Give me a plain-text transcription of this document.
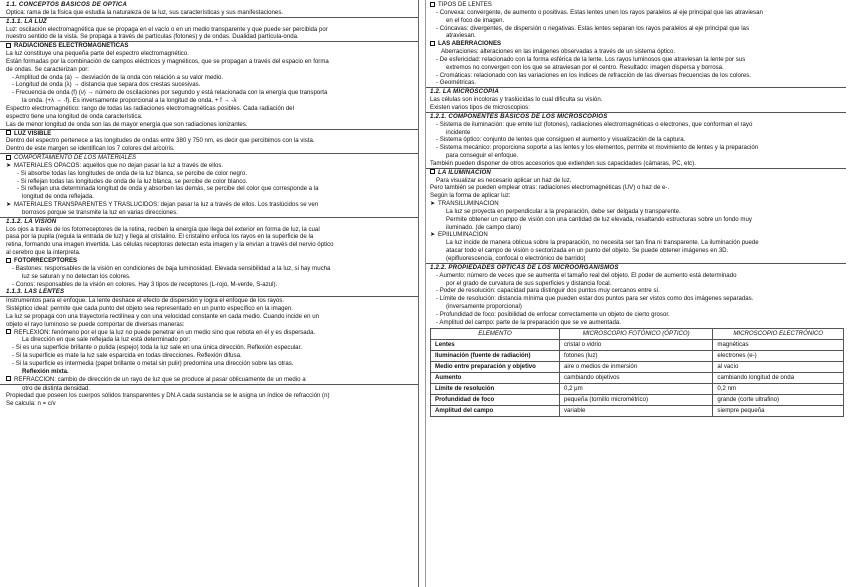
1.1. CONCEPTOS BÁSICOS DE ÓPTICA
Óptica: rama de la física que estudia la naturaleza de la luz, sus características y sus manifestaciones.
1.1.1. LA LUZ
Luz: oscilación electromagnética que se propaga en el vacío o en un medio transparente y que puede ser percibida por
nuestro sentido de la vista. Se propaga a través de partículas (fotones) y de ondas. Dualidad partícula-onda.
RADIACIONES ELECTROMAGNÉTICAS
La luz constituye una pequeña parte del espectro electromagnético.
Están formadas por la combinación de campos eléctricos y magnéticos, que se propagan a través del espacio en forma
de ondas. Se caracterizan por:
- Amplitud de onda (a) → desviación de la onda con relación a su valor medio.
- Longitud de onda (λ) → distancia que separa dos crestas sucesivas.
- Frecuencia de onda (f) (ν) → número de oscilaciones por segundo y está relacionada con la energía que transporta
la onda. (+λ → -f). Es inversamente proporcional a la longitud de onda. + f → -λ
Espectro electromagnético: rango de todas las radiaciones electromagnéticas posibles. Cada radiación del
espectro tiene una longitud de onda característica.
Las de menor longitud de onda son las de mayor energía que son radiaciones ionizantes.
LUZ VISIBLE
Dentro del espectro pertenece a las longitudes de ondas entre 380 y 750 nm, es decir que percibimos con la vista.
Dentro de este margen se identifican los 7 colores del arcoíris.
COMPORTAMIENTO DE LOS MATERIALES
➤ MATERIALES OPACOS: aquellos que no dejan pasar la luz a través de ellos.
- Si absorbe todas las longitudes de onda de la luz blanca, se percibe de color negro.
- Si reflejan todas las longitudes de onda de la luz blanca, se percibe de color blanco.
- Si reflejan una determinada longitud de onda y absorben las demás, se percibe del color que corresponde a la
longitud de onda reflejada.
➤ MATERIALES TRANSPARENTES Y TRASLÚCIDOS: dejan pasar la luz a través de ellos. Los traslúcidos se ven
borrosos porque se transmite la luz en varias direcciones.
1.1.2. LA VISIÓN
Los ojos a través de los fotorreceptores de la retina, reciben la energía que llega del exterior en forma de luz, la cual
pasa por la pupila (regula la entrada de luz) y llega al cristalino. El cristalino enfoca los rayos en la superficie de la
retina, formando una imagen invertida. Las células receptoras detectan esta imagen y la envían a través del nervio óptico
al cerebro que la interpreta.
FOTORRECEPTORES
- Bastones: responsables de la visión en condiciones de baja luminosidad. Elevada sensibilidad a la luz, si hay mucha
luz se saturan y no detectan los colores.
- Conos: responsables de la visión en colores. Hay 3 tipos de receptores (L-rojo, M-verde, S-azul).
1.1.3. LAS LENTES
Instrumentos para el enfoque. La lente deshace el efecto de dispersión y logra el enfoque de los rayos.
Sistéptico ideal: permite que cada punto del objeto sea representado en un punto específico en la imagen.
La luz se propaga con una trayectoria rectilínea y con una velocidad constante en cada medio. Cuando incide en un
objeto el rayo luminoso se puede comportar de diversas maneras:
REFLEXIÓN: fenómeno por el que la luz no puede penetrar en un medio sino que rebota en él y es dispersada.
La dirección en que sale reflejada la luz está determinado por:
- Si es una superficie brillante o pulida (espejo) toda la luz sale en una única dirección. Reflexión especular.
- Si la superficie es mate la luz sale esparcida en todas direcciones. Reflexión difusa.
- Si la superficie es intermedia (papel brillante o metal sin pulir) predomina una dirección sobre las otras.
Reflexión mixta.
REFRACCIÓN: cambio de dirección de un rayo de luz que se produce al pasar oblicuamente de un medio a
otro de distinta densidad.
Propiedad que poseen los cuerpos sólidos transparentes y DN.A cada sustancia se le asigna un índice de refracción (n)
Se calcula: n = c/v
TIPOS DE LENTES
- Convexa: convergente, de aumento o positivas. Estas lentes unen los rayos paralelos al eje principal que las atraviesan
en el foco de imagen.
- Cóncavas: divergentes, de dispersión o negativas. Estas lentes separan los rayos paralelos al eje principal que las
atraviesan.
LAS ABERRACIONES
Aberraciones: alteraciones en las imágenes observadas a través de un sistema óptico.
- De esfericidad: relacionado con la forma esférica de la lente. Los rayos luminosos que atraviesan la lente por sus
extremos no convergen con los que se atraviesan por el centro. Resultado: imagen dispersa y borrosa.
- Cromáticas: relacionado con las variaciones en los índices de refracción de las diversas frecuencias de los colores.
- Geométricas.
1.2. LA MICROSCOPÍA
Las células son incoloras y traslúcidas lo cual dificulta su visión.
Existen varios tipos de microscopios:
1.2.1. COMPONENTES BÁSICOS DE LOS MICROSCOPIOS
- Sistema de iluminación: que emite luz (fotones), radiaciones electromagnéticas o electrones, que conforman el rayo
incidente
- Sistema óptico: conjunto de lentes que consiguen el aumento y visualización de la captura.
- Sistema mecánico: proporciona soporte a las lentes y los elementos, permite el movimiento de lentes y la preparación
para conseguir el enfoque.
También pueden disponer de otros accesorios que extienden sus capacidades (cámaras, PC, etc).
LA ILUMINACIÓN
Para visualizar es necesario aplicar un haz de luz.
Pero también se pueden emplear otras: radiaciones electromagnéticas (UV) o haz de e-.
Según la forma de aplicar luz:
➤ TRANSILUMINACIÓN
La luz se proyecta en perpendicular a la preparación, debe ser delgada y transparente.
Permite obtener un campo de visión con una cantidad de luz elevada, resaltando estructuras sobre un fondo muy
iluminado. (de campo claro)
➤ EPIILUMINACIÓN
La luz incide de manera oblicua sobre la preparación, no necesita ser tan fina ni transparente. La iluminación puede
atacar todo el campo de visión o sectorizada en un punto del objeto. Se puede obtener imágenes en 3D.
(epifluorescencia, confocal o electrónico de barrido)
1.2.2. PROPIEDADES ÓPTICAS DE LOS MICROORGANISMOS
- Aumento: número de veces que se aumenta el tamaño real del objeto. El poder de aumento está determinado
por el grado de curvatura de sus superficies y distancia focal.
- Poder de resolución: capacidad para distinguir dos puntos muy cercanos entre sí.
- Límite de resolución: distancia mínima que pueden estar dos puntos para ser vistos como dos imágenes separadas.
(inversamente proporcional)
- Profundidad de foco: posibilidad de enfocar correctamente un objeto de cierto grosor.
- Amplitud del campo: parte de la preparación que se ve aumentada.
ELEMENTO	MICROSCOPIO FOTÓNICO (ÓPTICO)	MICROSCOPIO ELECTRÓNICO
Lentes	cristal o vidrio	magnéticas
Iluminación (fuente de radiación)	fotones (luz)	electrones (e-)
Medio entre preparación y objetivo	aire o medios de inmersión	al vacío
Aumento	cambiando objetivos	cambiando longitud de onda
Límite de resolución	0,2 µm	0,2 nm
Profundidad de foco	pequeña (tornillo micrométrico)	grande (corte ultrafino)
Amplitud del campo	variable	siempre pequeña
